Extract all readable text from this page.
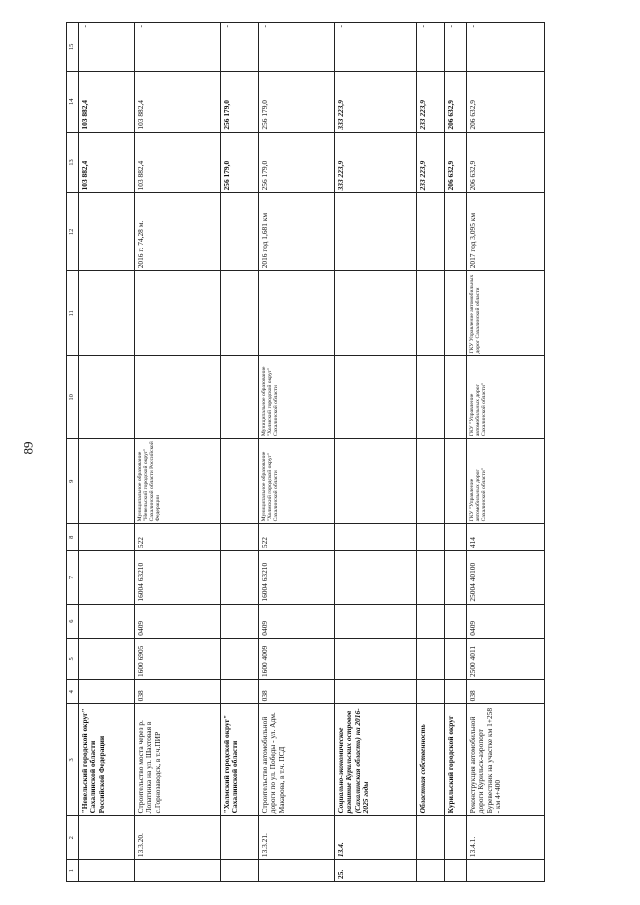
89
1	2	3	4	5	6	7	8	9	10	11	12	13	14	15
		"Невельский городской округ" Сахалинской области Российской Федерации										103 882,4	103 882,4	-
	13.3.20.	Строительство моста через р. Лопатинка на ул. Шахтовая в с.Горнозаводск, в т.ч.ПИР	038	1600 6905	0409	16004 63210	522	Муниципальное образование "Невельский городской округ" Сахалинской области Российской Федерации			2016 г. 74,28 м.	103 882,4	103 882,4	-
		"Холмский городской округ" Сахалинской области										256 179,0	256 179,0	-
	13.3.21.	Строительство автомобильной дороги по ул. Победы - ул. Адм. Макарова, в т.ч. ПСД	038	1600 4009	0409	16004 63210	522	Муниципальное образование "Холмский городской округ" Сахалинской области	Муниципальное образование "Холмский городской округ" Сахалинской области		2016 год 1,681 км	256 179,0	256 179,0	-
25.	13.4.	Социально-экономическое развитие Курильских островов (Сахалинская область) на 2016-2025 годы										333 223,9	333 223,9	-
		Областная собственность										233 223,9	233 223,9	-
		Курильский городской округ										206 632,9	206 632,9	-
	13.4.1.	Реконструкция автомобильной дороги Курильск-аэропорт Буревестник на участке км 1+258 - км 4+400	038	2500 4011	0409	25004 40100	414	ГКУ "Управление автомобильных дорог Сахалинской области"	ГКУ "Управление автомобильных дорог Сахалинской области"	ГКУ Управление автомобильных дорог Сахалинской области	2017 год 3,095 км	206 632,9	206 632,9	-
